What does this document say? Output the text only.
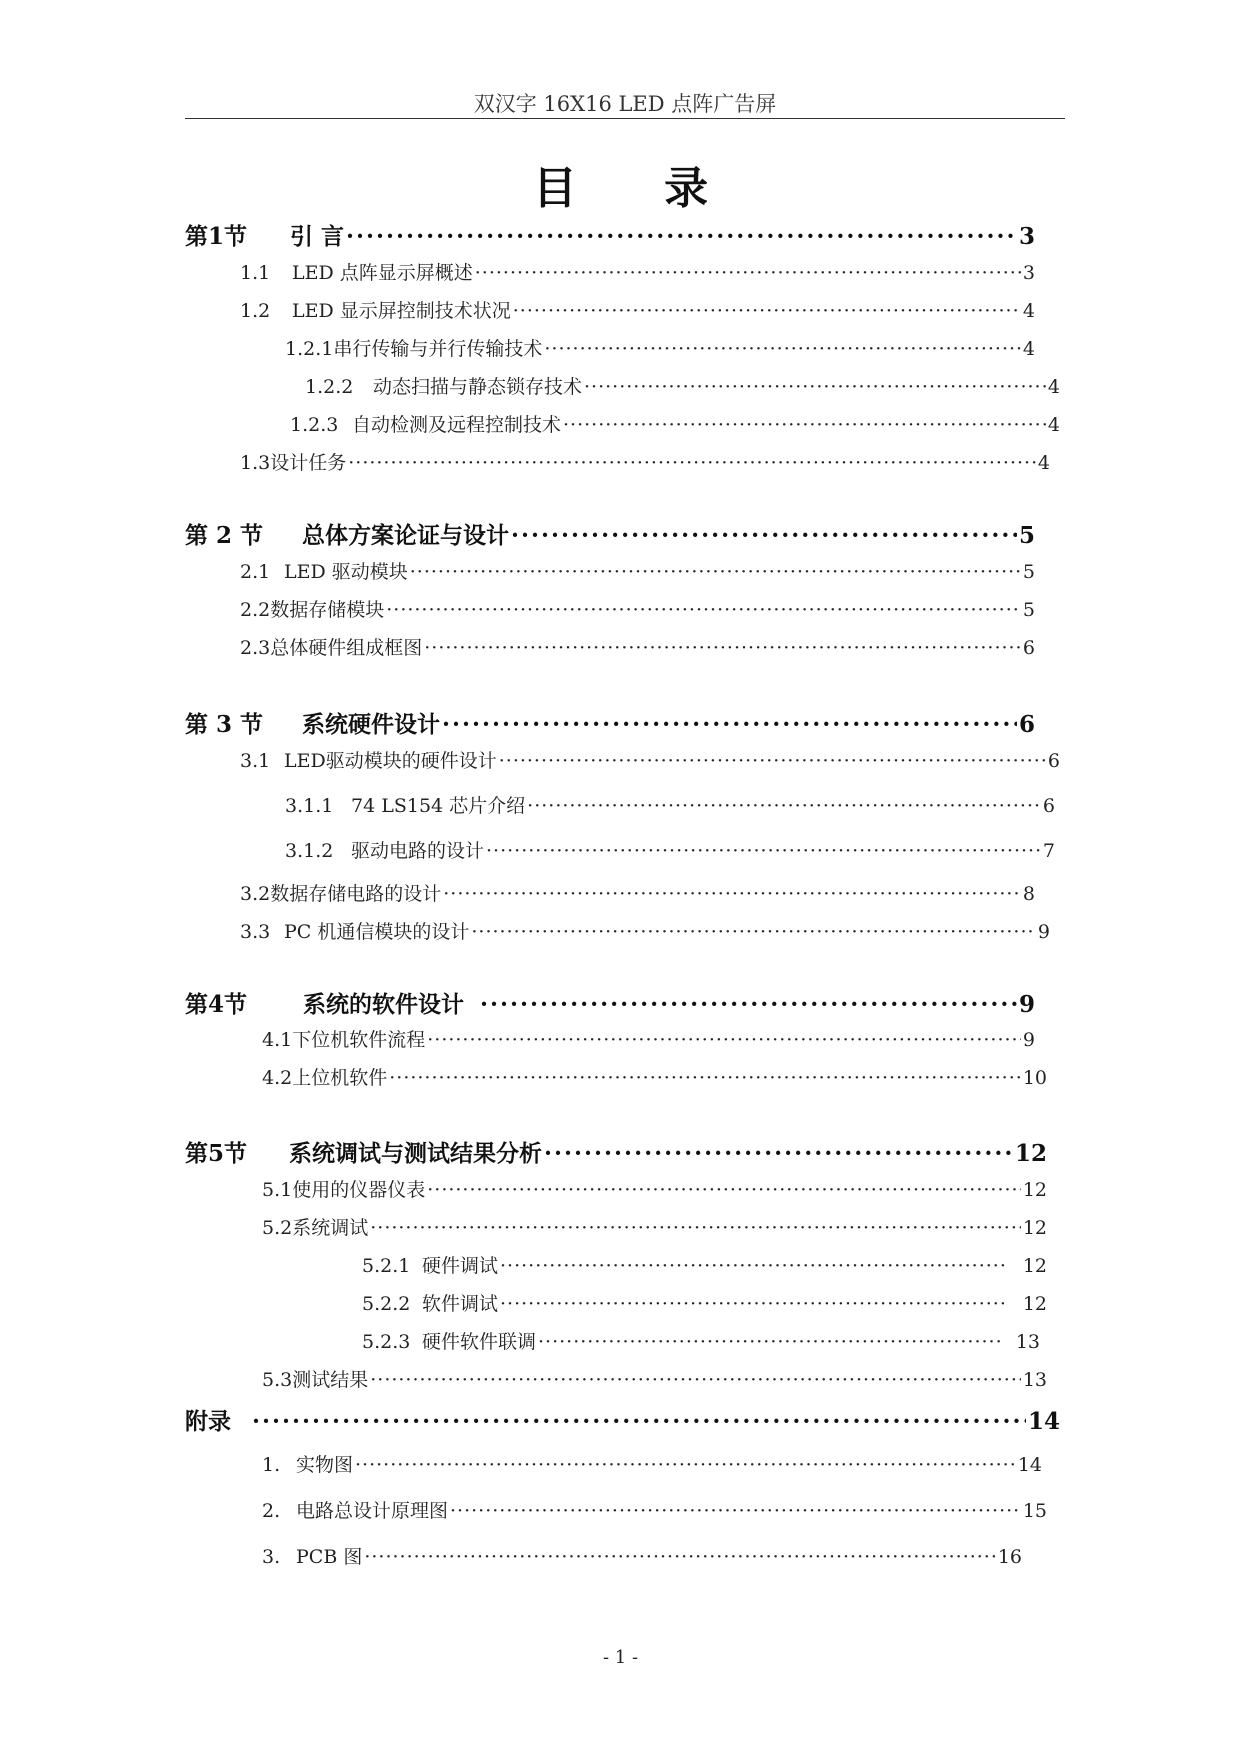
双汉字 16X16 LED 点阵广告屏
目 录
第1节	引 言 ·····	3
1.1	LED 点阵显示屏概述 ·····	3
1.2	LED 显示屏控制技术状况 ·····	4
1.2.1 串行传输与并行传输技术 ·····	4
1.2.2	动态扫描与静态锁存技术 ·····	4
1.2.3 自动检测及远程控制技术 ·····	4
1.3 设计任务 ·····	4
第 2 节	总体方案论证与设计 ·····	5
2.1 LED 驱动模块 ·····	5
2.2 数据存储模块 ·····	5
2.3 总体硬件组成框图 ·····	6
第 3 节	系统硬件设计 ·····	6
3.1 LED驱动模块的硬件设计 ·····	6
3.1.1 74 LS154 芯片介绍 ·····	6
3.1.2 驱动电路的设计 ·····	7
3.2 数据存储电路的设计 ·····	8
3.3 PC 机通信模块的设计 ·····	9
第4节	系统的软件设计 ·····	9
4.1 下位机软件流程 ·····	9
4.2 上位机软件 ·····	10
第5节	系统调试与测试结果分析 ·····	12
5.1 使用的仪器仪表 ·····	12
5.2 系统调试 ·····	12
5.2.1 硬件调试 ·····	12
5.2.2 软件调试 ·····	12
5.2.3 硬件软件联调 ·····	13
5.3 测试结果 ·····	13
附录 ·····	14
1. 实物图 ·····	14
2. 电路总设计原理图 ·····	15
3. PCB 图 ·····	16
- 1 -
